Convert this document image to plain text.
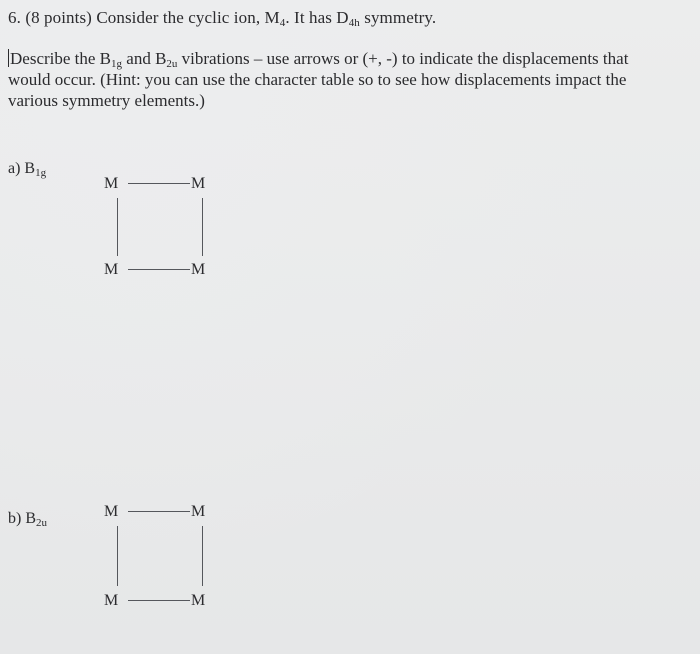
6. (8 points) Consider the cyclic ion, $M_4$. It has $D_{4h}$ symmetry.
Describe the $B_{1g}$ and $B_{2u}$ vibrations – use arrows or (+, -) to indicate the displacements that
would occur. (Hint: you can use the character table so to see how displacements impact the
various symmetry elements.)
a) $B_{1g}$
M	M
M	M
b) $B_{2u}$
M	M
M	M
